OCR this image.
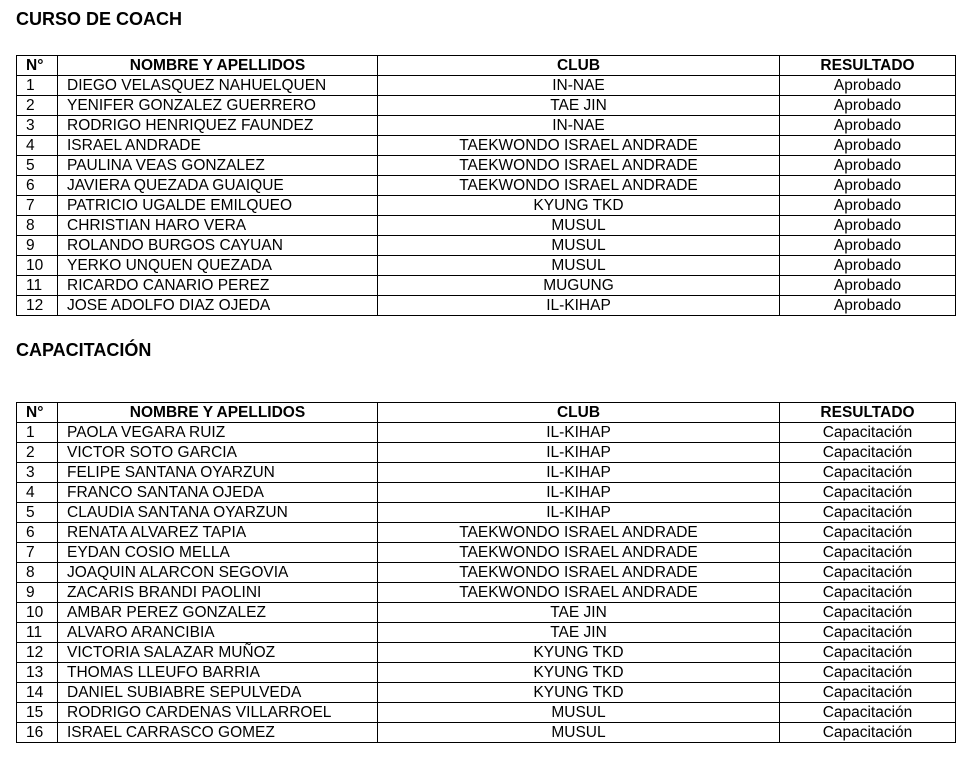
CURSO DE COACH
N°	NOMBRE Y APELLIDOS	CLUB	RESULTADO
1	DIEGO VELASQUEZ NAHUELQUEN	IN-NAE	Aprobado
2	YENIFER GONZALEZ GUERRERO	TAE JIN	Aprobado
3	RODRIGO HENRIQUEZ FAUNDEZ	IN-NAE	Aprobado
4	ISRAEL ANDRADE	TAEKWONDO ISRAEL ANDRADE	Aprobado
5	PAULINA VEAS GONZALEZ	TAEKWONDO ISRAEL ANDRADE	Aprobado
6	JAVIERA QUEZADA GUAIQUE	TAEKWONDO ISRAEL ANDRADE	Aprobado
7	PATRICIO UGALDE EMILQUEO	KYUNG TKD	Aprobado
8	CHRISTIAN HARO VERA	MUSUL	Aprobado
9	ROLANDO BURGOS CAYUAN	MUSUL	Aprobado
10	YERKO UNQUEN QUEZADA	MUSUL	Aprobado
11	RICARDO CANARIO PEREZ	MUGUNG	Aprobado
12	JOSE ADOLFO DIAZ OJEDA	IL-KIHAP	Aprobado
CAPACITACIÓN
N°	NOMBRE Y APELLIDOS	CLUB	RESULTADO
1	PAOLA VEGARA RUIZ	IL-KIHAP	Capacitación
2	VICTOR SOTO GARCIA	IL-KIHAP	Capacitación
3	FELIPE SANTANA OYARZUN	IL-KIHAP	Capacitación
4	FRANCO SANTANA OJEDA	IL-KIHAP	Capacitación
5	CLAUDIA SANTANA OYARZUN	IL-KIHAP	Capacitación
6	RENATA ALVAREZ TAPIA	TAEKWONDO ISRAEL ANDRADE	Capacitación
7	EYDAN COSIO MELLA	TAEKWONDO ISRAEL ANDRADE	Capacitación
8	JOAQUIN ALARCON SEGOVIA	TAEKWONDO ISRAEL ANDRADE	Capacitación
9	ZACARIS BRANDI PAOLINI	TAEKWONDO ISRAEL ANDRADE	Capacitación
10	AMBAR PEREZ GONZALEZ	TAE JIN	Capacitación
11	ALVARO ARANCIBIA	TAE JIN	Capacitación
12	VICTORIA SALAZAR MUÑOZ	KYUNG TKD	Capacitación
13	THOMAS LLEUFO BARRIA	KYUNG TKD	Capacitación
14	DANIEL SUBIABRE SEPULVEDA	KYUNG TKD	Capacitación
15	RODRIGO CARDENAS VILLARROEL	MUSUL	Capacitación
16	ISRAEL CARRASCO GOMEZ	MUSUL	Capacitación
